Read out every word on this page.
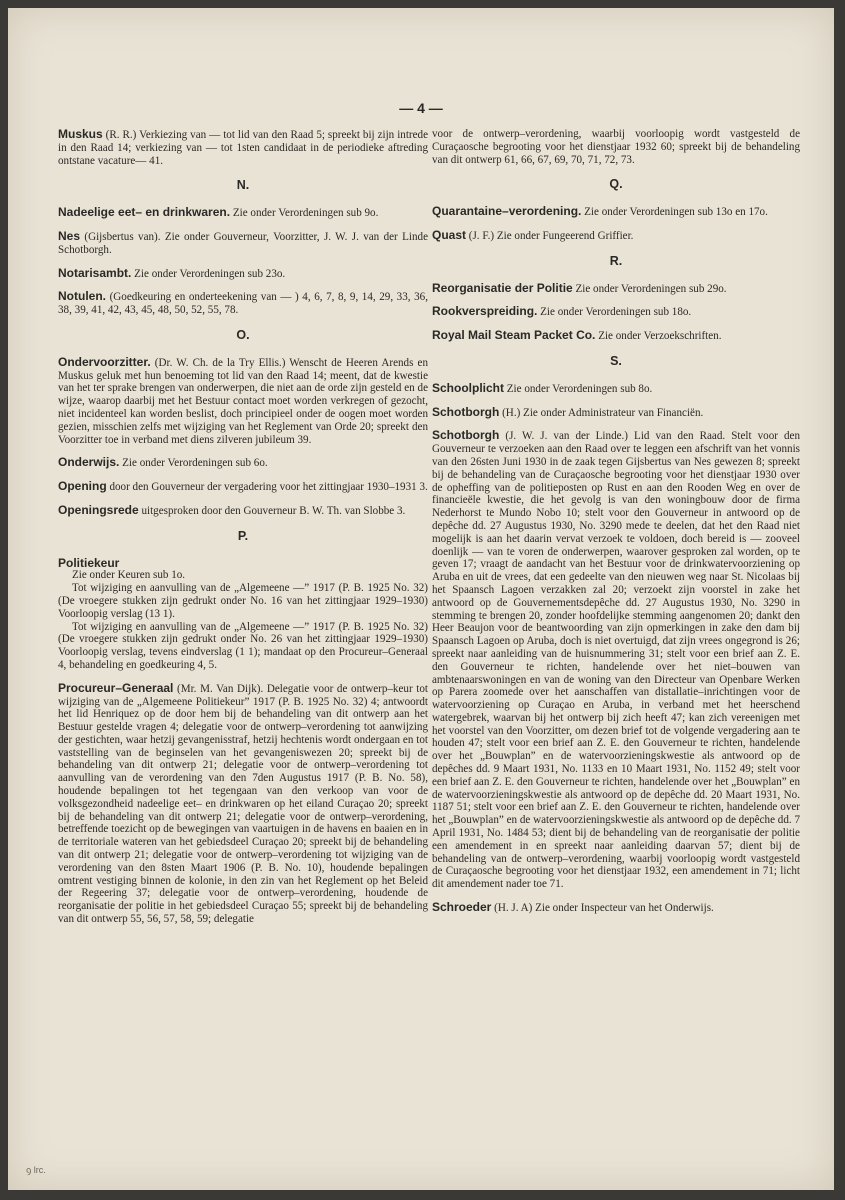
— 4 —
Muskus (R. R.) Verkiezing van — tot lid van den Raad 5; spreekt bij zijn intrede in den Raad 14; verkiezing van — tot 1sten candidaat in de periodieke aftreding ontstane vacature— 41.
N.
Nadeelige eet– en drinkwaren. Zie onder Verordeningen sub 9o.
Nes (Gijsbertus van). Zie onder Gouverneur, Voorzitter, J. W. J. van der Linde Schotborgh.
Notarisambt. Zie onder Verordeningen sub 23o.
Notulen. (Goedkeuring en onderteekening van — ) 4, 6, 7, 8, 9, 14, 29, 33, 36, 38, 39, 41, 42, 43, 45, 48, 50, 52, 55, 78.
O.
Ondervoorzitter. (Dr. W. Ch. de la Try Ellis.) Wenscht de Heeren Arends en Muskus geluk met hun benoeming tot lid van den Raad 14; meent, dat de kwestie van het ter sprake brengen van onderwerpen, die niet aan de orde zijn gesteld en de wijze, waarop daarbij met het Bestuur contact moet worden verkregen of gezocht, niet incidenteel kan worden beslist, doch principieel onder de oogen moet worden gezien, misschien zelfs met wijziging van het Reglement van Orde 20; spreekt den Voorzitter toe in verband met diens zilveren jubileum 39.
Onderwijs. Zie onder Verordeningen sub 6o.
Opening door den Gouverneur der vergadering voor het zittingjaar 1930–1931 3.
Openingsrede uitgesproken door den Gouverneur B. W. Th. van Slobbe 3.
P.
Politiekeur
Zie onder Keuren sub 1o.
Tot wijziging en aanvulling van de „Algemeene —” 1917 (P. B. 1925 No. 32) (De vroegere stukken zijn gedrukt onder No. 16 van het zittingjaar 1929–1930) Voorloopig verslag (13 1).
Tot wijziging en aanvulling van de „Algemeene —” 1917 (P. B. 1925 No. 32) (De vroegere stukken zijn gedrukt onder No. 26 van het zittingjaar 1929–1930) Voorloopig verslag, tevens eindverslag (1 1); mandaat op den Procureur–Generaal 4, behandeling en goedkeuring 4, 5.
Procureur–Generaal (Mr. M. Van Dijk). Delegatie voor de ontwerp–keur tot wijziging van de „Algemeene Politiekeur” 1917 (P. B. 1925 No. 32) 4; antwoordt het lid Henriquez op de door hem bij de behandeling van dit ontwerp aan het Bestuur gestelde vragen 4; delegatie voor de ontwerp–verordening tot aanwijzing der gestichten, waar hetzij gevangenisstraf, hetzij hechtenis wordt ondergaan en tot vaststelling van de beginselen van het gevangeniswezen 20; spreekt bij de behandeling van dit ontwerp 21; delegatie voor de ontwerp–verordening tot aanvulling van de verordening van den 7den Augustus 1917 (P. B. No. 58), houdende bepalingen tot het tegengaan van den verkoop van voor de volksgezondheid nadeelige eet– en drinkwaren op het eiland Curaçao 20; spreekt bij de behandeling van dit ontwerp 21; delegatie voor de ontwerp–verordening, betreffende toezicht op de bewegingen van vaartuigen in de havens en baaien en in de territoriale wateren van het gebiedsdeel Curaçao 20; spreekt bij de behandeling van dit ontwerp 21; delegatie voor de ontwerp–verordening tot wijziging van de verordening van den 8sten Maart 1906 (P. B. No. 10), houdende bepalingen omtrent vestiging binnen de kolonie, in den zin van het Reglement op het Beleid der Regeering 37; delegatie voor de ontwerp–verordening, houdende de reorganisatie der politie in het gebiedsdeel Curaçao 55; spreekt bij de behandeling van dit ontwerp 55, 56, 57, 58, 59; delegatie
voor de ontwerp–verordening, waarbij voorloopig wordt vastgesteld de Curaçaosche begrooting voor het dienstjaar 1932 60; spreekt bij de behandeling van dit ontwerp 61, 66, 67, 69, 70, 71, 72, 73.
Q.
Quarantaine–verordening. Zie onder Verordeningen sub 13o en 17o.
Quast (J. F.) Zie onder Fungeerend Griffier.
R.
Reorganisatie der Politie Zie onder Verordeningen sub 29o.
Rookverspreiding. Zie onder Verordeningen sub 18o.
Royal Mail Steam Packet Co. Zie onder Verzoekschriften.
S.
Schoolplicht Zie onder Verordeningen sub 8o.
Schotborgh (H.) Zie onder Administrateur van Financiën.
Schotborgh (J. W. J. van der Linde.) Lid van den Raad. Stelt voor den Gouverneur te verzoeken aan den Raad over te leggen een afschrift van het vonnis van den 26sten Juni 1930 in de zaak tegen Gijsbertus van Nes gewezen 8; spreekt bij de behandeling van de Curaçaosche begrooting voor het dienstjaar 1930 over de opheffing van de politieposten op Rust en aan den Rooden Weg en over de financieële kwestie, die het gevolg is van den woningbouw door de firma Nederhorst te Mundo Nobo 10; stelt voor den Gouverneur in antwoord op de depêche dd. 27 Augustus 1930, No. 3290 mede te deelen, dat het den Raad niet mogelijk is aan het daarin vervat verzoek te voldoen, doch bereid is — zooveel doenlijk — van te voren de onderwerpen, waarover gesproken zal worden, op te geven 17; vraagt de aandacht van het Bestuur voor de drinkwatervoorziening op Aruba en uit de vrees, dat een gedeelte van den nieuwen weg naar St. Nicolaas bij het Spaansch Lagoen verzakken zal 20; verzoekt zijn voorstel in zake het antwoord op de Gouvernementsdepêche dd. 27 Augustus 1930, No. 3290 in stemming te brengen 20, zonder hoofdelijke stemming aangenomen 20; dankt den Heer Beaujon voor de beantwoording van zijn opmerkingen in zake den dam bij Spaansch Lagoen op Aruba, doch is niet overtuigd, dat zijn vrees ongegrond is 26; spreekt naar aanleiding van de huisnummering 31; stelt voor een brief aan Z. E. den Gouverneur te richten, handelende over het niet–bouwen van ambtenaarswoningen en van de woning van den Directeur van Openbare Werken op Parera zoomede over het aanschaffen van distallatie–inrichtingen voor de watervoorziening op Curaçao en Aruba, in verband met het heerschend watergebrek, waarvan bij het ontwerp bij zich heeft 47; kan zich vereenigen met het voorstel van den Voorzitter, om dezen brief tot de volgende vergadering aan te houden 47; stelt voor een brief aan Z. E. den Gouverneur te richten, handelende over het „Bouwplan” en de watervoorzieningskwestie als antwoord op de depêches dd. 9 Maart 1931, No. 1133 en 10 Maart 1931, No. 1152 49; stelt voor een brief aan Z. E. den Gouverneur te richten, handelende over het „Bouwplan” en de watervoorzieningskwestie als antwoord op de depêche dd. 20 Maart 1931, No. 1187 51; stelt voor een brief aan Z. E. den Gouverneur te richten, handelende over het „Bouwplan” en de watervoorzieningskwestie als antwoord op de depêche dd. 7 April 1931, No. 1484 53; dient bij de behandeling van de reorganisatie der politie een amendement in en spreekt naar aanleiding daarvan 57; dient bij de behandeling van de ontwerp–verordening, waarbij voorloopig wordt vastgesteld de Curaçaosche begrooting voor het dienstjaar 1932, een amendement in 71; licht dit amendement nader toe 71.
Schroeder (H. J. A) Zie onder Inspecteur van het Onderwijs.
ꝯ lrc.
